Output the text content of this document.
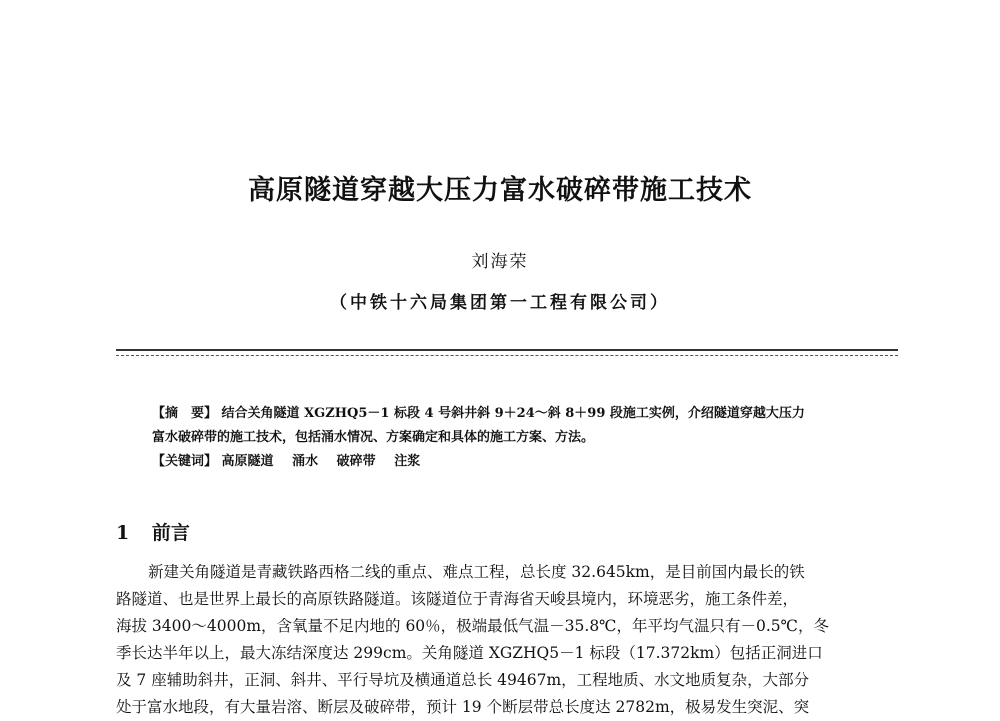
高原隧道穿越大压力富水破碎带施工技术
刘海荣
（中铁十六局集团第一工程有限公司）
【摘　要】 结合关角隧道 XGZHQ5－1 标段 4 号斜井斜 9＋24～斜 8＋99 段施工实例，介绍隧道穿越大压力
富水破碎带的施工技术，包括涌水情况、方案确定和具体的施工方案、方法。
【关键词】 高原隧道 涌水 破碎带 注浆
1 前言
新建关角隧道是青藏铁路西格二线的重点、难点工程，总长度 32.645km，是目前国内最长的铁
路隧道、也是世界上最长的高原铁路隧道。该隧道位于青海省天峻县境内，环境恶劣，施工条件差，
海拔 3400～4000m，含氧量不足内地的 60％，极端最低气温－35.8℃，年平均气温只有－0.5℃，冬
季长达半年以上，最大冻结深度达 299cm。关角隧道 XGZHQ5－1 标段（17.372km）包括正洞进口
及 7 座辅助斜井，正洞、斜井、平行导坑及横通道总长 49467m，工程地质、水文地质复杂，大部分
处于富水地段，有大量岩溶、断层及破碎带，预计 19 个断层带总长度达 2782m，极易发生突泥、突
